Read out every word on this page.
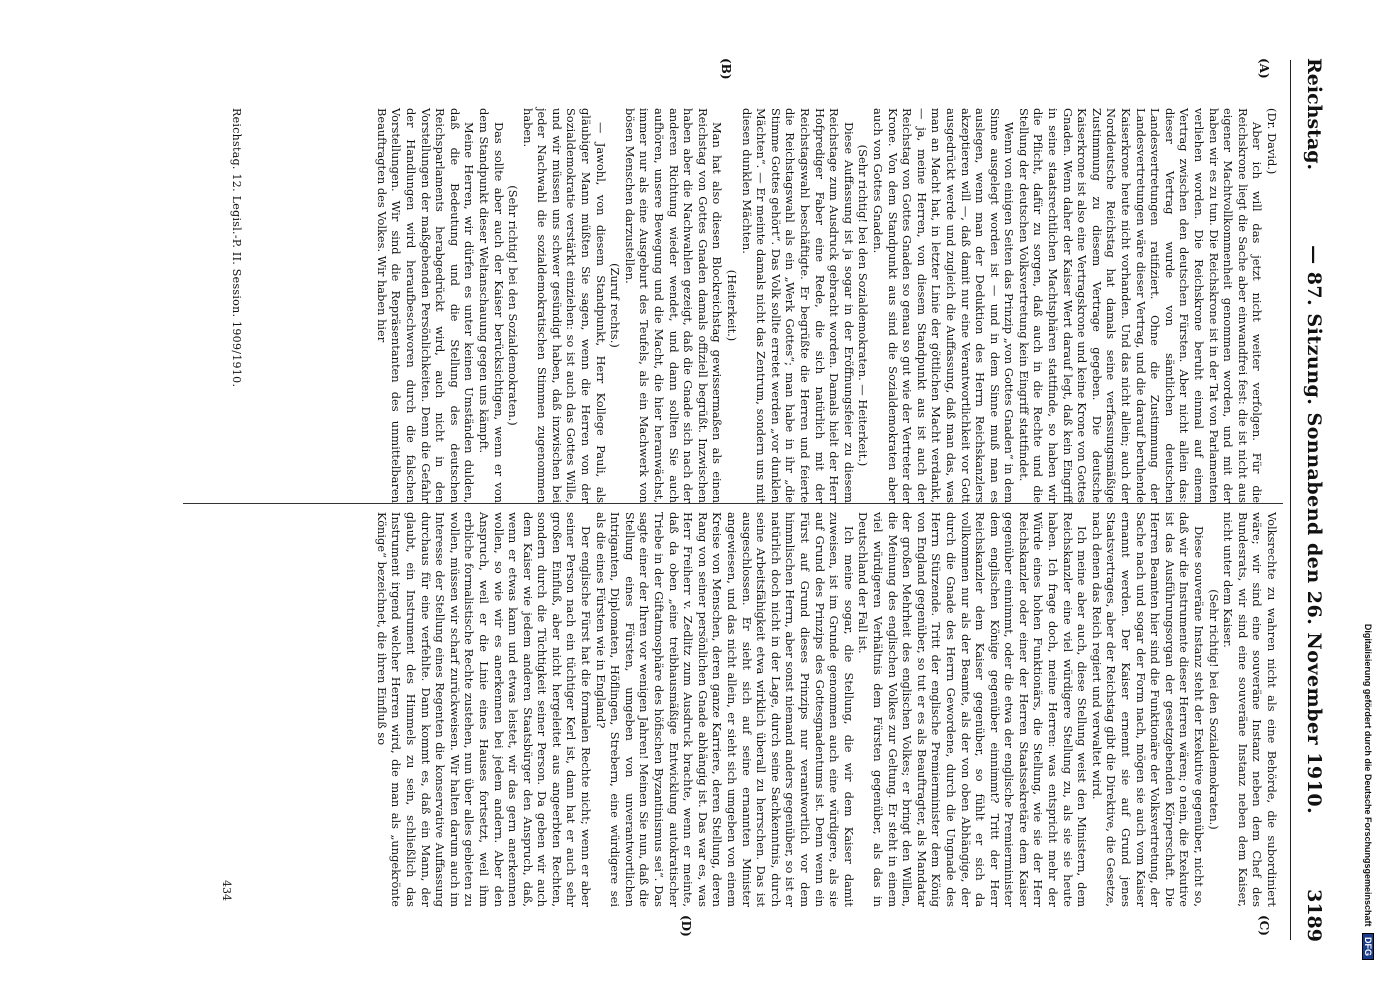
Reichstag.
— 87. Sitzung. Sonnabend den 26. November 1910.
3189
(A)
(B)
(C)
(D)

(Dr. David.)

Aber ich will das jetzt nicht weiter verfolgen. Für die Reichskrone liegt die Sache aber einwandfrei fest: die ist nicht aus eigener Machtvollkommenheit genommen worden, und mit der haben wir es zu tun. Die Reichskrone ist in der Tat von Parlamenten verliehen worden. Die Reichskrone beruht einmal auf einem Vertrag zwischen den deutschen Fürsten. Aber nicht allein das: dieser Vertrag wurde von sämtlichen deutschen Landesvertretungen ratifiziert. Ohne die Zustimmung der Landesvertretungen wäre dieser Vertrag, und die darauf beruhende Kaiserkrone heute nicht vorhanden. Und das nicht allein; auch der Norddeutsche Reichstag hat damals seine verfassungsmäßige Zustimmung zu diesem Vertrage gegeben. Die deutsche Kaiserkrone ist also eine Vertragskrone und keine Krone von Gottes Gnaden. Wenn daher der Kaiser Wert darauf legt, daß kein Eingriff in seine staatsrechtlichen Machtsphären stattfinde, so haben wir die Pflicht, dafür zu sorgen, daß auch in die Rechte und die Stellung der deutschen Volksvertretung kein Eingriff stattfindet.

Wenn von einigen Seiten das Prinzip „von Gottes Gnaden“ in dem Sinne ausgelegt worden ist — und in dem Sinne muß man es auslegen, wenn man der Deduktion des Herrn Reichskanzlers akzeptieren will —, daß damit nur eine Verantwortlichkeit vor Gott ausgedrückt werde und zugleich die Auffassung, daß man das, was man an Macht hat, in letzter Linie der göttlichen Macht verdankt, — ja, meine Herren, von diesem Standpunkt aus ist auch der Reichstag von Gottes Gnaden so genau so gut wie der Vertreter der Krone. Von dem Standpunkt aus sind die Sozialdemokraten aber auch von Gottes Gnaden.

(Sehr richtig! bei den Sozialdemokraten. — Heiterkeit.)

Diese Auffassung ist ja sogar in der Eröffnungsfeier zu diesem Reichstage zum Ausdruck gebracht worden. Damals hielt der Herr Hofprediger Faber eine Rede, die sich natürlich mit der Reichstagswahl beschäftigte. Er begrüßte die Herren und feierte die Reichstagswahl als ein „Werk Gottes“; man habe in ihr „die Stimme Gottes gehört“. Das Volk sollte erretet werden „vor dunklen Mächten“. — Er meinte damals nicht das Zentrum, sondern uns mit diesen dunklen Mächten.

(Heiterkeit.)

Man hat also diesen Blockreichstag gewissermaßen als einen Reichstag von Gottes Gnaden damals offiziell begrüßt. Inzwischen haben aber die Nachwahlen gezeigt, daß die Gnade sich nach der anderen Richtung wieder wendet, und dann sollten Sie auch aufhören, unsere Bewegung und die Macht, die hier heranwächst, immer nur als eine Ausgeburt des Teufels, als ein Machwerk von bösen Menschen darzustellen.

(Zuruf rechts.)

— Jawohl, von diesem Standpunkt, Herr Kollege Pauli, als gläubiger Mann müßten Sie sagen, wenn die Herren von der Sozialdemokratie verstärkt einziehen: so ist auch das Gottes Wille, und wir müssen uns schwer gesündigt haben, daß inzwischen bei jeder Nachwahl die sozialdemokratischen Stimmen zugenommen haben.

(Sehr richtig! bei den Sozialdemokraten.)

Das sollte aber auch der Kaiser berücksichtigen, wenn er von dem Standpunkt dieser Weltanschauung gegen uns kämpft.

Meine Herren, wir dürfen es unter keinen Umständen dulden, daß die Bedeutung und die Stellung des deutschen Reichsparlaments herabgedrückt wird, auch nicht in den Vorstellungen der maßgebenden Persönlichkeiten. Denn die Gefahr der Handlungen wird heraufbeschworen durch die falschen Vorstellungen. Wir sind die Repräsentanten des unmittelbaren Beauftragten des Volkes. Wir haben hier

Volksrechte zu wahren nicht als eine Behörde, die subordiniert wäre; wir sind eine souveräne Instanz neben dem Chef des Bundesrats, wir sind eine souveräne Instanz neben dem Kaiser, nicht unter dem Kaiser.

(Sehr richtig! bei den Sozialdemokraten.)

Diese souveräne Instanz steht der Exekutive gegenüber, nicht so, daß wir die Instrumente dieser Herren wären; o nein, die Exekutive ist das Ausführungsorgan der gesetzgebenden Körperschaft. Die Herren Beamten hier sind die Funktionäre der Volksvertretung, der Sache nach und sogar der Form nach, mögen sie auch vom Kaiser ernannt werden. Der Kaiser ernennt sie auf Grund jenes Staatsvertrages, aber der Reichstag gibt die Direktive, die Gesetze, nach denen das Reich regiert und verwaltet wird.

Ich meine aber auch, diese Stellung weist den Ministern, dem Reichskanzler eine viel würdigere Stellung zu, als sie sie heute haben. Ich frage doch, meine Herren: was entspricht mehr der Würde eines hohen Funktionärs, die Stellung, wie sie der Herr Reichskanzler oder einer der Herren Staatssekretäre dem Kaiser gegenüber einnimmt, oder die etwa der englische Premierminister dem englischen Könige gegenüber einnimmt? Tritt der Herr Reichskanzler dem Kaiser gegenüber, so fühlt er sich da vollkommen nur als der Beamte, als der von oben Abhängige, der durch die Gnade des Herrn Gewordene, durch die Ungnade des Herrn Stürzende. Tritt der englische Premierminister dem König von England gegenüber, so tut er es als Beauftragter, als Mandatar der großen Mehrheit des englischen Volkes; er bringt den Willen, die Meinung des englischen Volkes zur Geltung. Er steht in einem viel würdigeren Verhältnis dem Fürsten gegenüber, als das in Deutschland der Fall ist.

Ich meine sogar, die Stellung, die wir dem Kaiser damit zuweisen, ist im Grunde genommen auch eine würdigere, als sie auf Grund des Prinzips des Gottesgnadentums ist. Denn wenn ein Fürst auf Grund dieses Prinzips nur verantwortlich vor dem himmlischen Herrn, aber sonst niemand anders gegenüber, so ist er natürlich doch nicht in der Lage, durch seine Sachkenntnis, durch seine Arbeitsfähigkeit etwa wirklich überall zu herrschen. Das ist ausgeschlossen. Er sieht sich auf seine ernannten Minister angewiesen, und das nicht allein, er sieht sich umgeben von einem Kreise von Menschen, deren ganze Karriere, deren Stellung, deren Rang von seiner persönlichen Gnade abhängig ist. Das war es, was Herr Freiherr v. Zedlitz zum Ausdruck brachte, wenn er meinte, daß da oben „eine treibhausmäßige Entwicklung autokratischer Triebe in der Giftatmosphäre des höfischen Byzantinismus sei“. Das sagte einer der Ihren vor wenigen Jahren! Meinen Sie nun, daß die Stellung eines Fürsten, umgeben von unverantwortlichen Intriganten, Diplomaten, Höflingen, Strebern, eine würdigere sei als die eines Fürsten wie in England?

Der englische Fürst hat die formalen Rechte nicht; wenn er aber seiner Person nach ein tüchtiger Kerl ist, dann hat er auch sehr großen Einfluß, aber nicht hergeleitet aus angeerbten Rechten, sondern durch die Tüchtigkeit seiner Person. Da geben wir auch dem Kaiser wie jedem anderen Staatsbürger den Anspruch, daß, wenn er etwas kann und etwas leistet, wir das gern anerkennen wollen, so wie wir es anerkennen bei jedem andern. Aber den Anspruch, weil er die Linie eines Hauses fortsetzt, weil ihm erbliche formalistische Rechte zustehen, nun über alles gebieten zu wollen, müssen wir scharf zurückweisen. Wir halten darum auch im Interesse der Stellung eines Regenten die konservative Auffassung durchaus für eine verfehlte. Dann kommt es, daß ein Mann, der glaubt, ein Instrument des Himmels zu sein, schließlich das Instrument irgend welcher Herren wird, die man als „ungekrönte Könige“ bezeichnet, die ihren Einfluß so

Reichstag. 12. Legisl.-P. II. Session. 1909/1910.
434	Digitalisierung gefördert durch die Deutsche Forschungsgemeinschaft DFG
